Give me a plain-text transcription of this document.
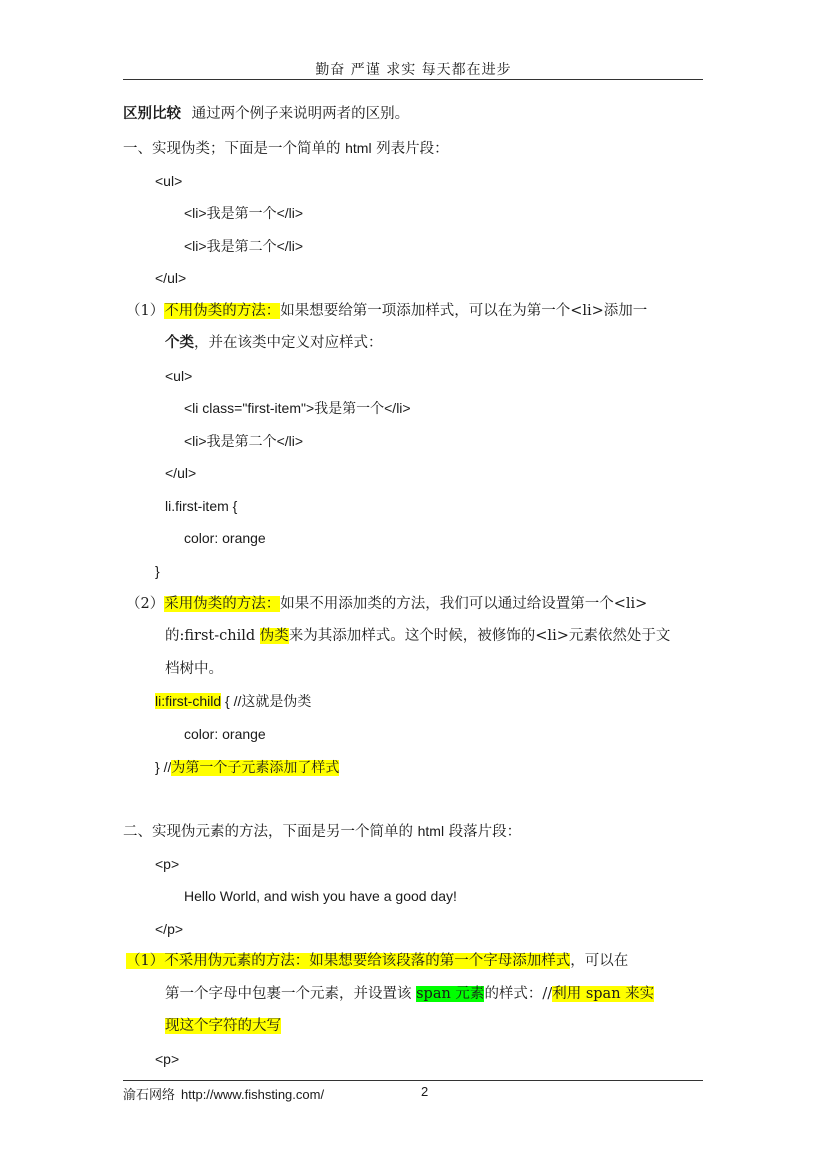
勤奋 严谨 求实 每天都在进步
区别比较 通过两个例子来说明两者的区别。
一、实现伪类；下面是一个简单的 html 列表片段：
<ul>
<li>我是第一个</li>
<li>我是第二个</li>
</ul>
（1）不用伪类的方法：如果想要给第一项添加样式，可以在为第一个<li>添加一
个类，并在该类中定义对应样式：
<ul>
<li class="first-item">我是第一个</li>
<li>我是第二个</li>
</ul>
li.first-item {
color: orange
}
（2）采用伪类的方法：如果不用添加类的方法，我们可以通过给设置第一个<li>
的:first-child 伪类来为其添加样式。这个时候，被修饰的<li>元素依然处于文
档树中。
li:first-child { //这就是伪类
color: orange
} //为第一个子元素添加了样式
二、实现伪元素的方法，下面是另一个简单的 html 段落片段：
<p>
Hello World, and wish you have a good day!
</p>
（1）不采用伪元素的方法：如果想要给该段落的第一个字母添加样式，可以在
第一个字母中包裹一个元素，并设置该 span 元素的样式：//利用 span 来实
现这个字符的大写
<p>
渝石网络 http://www.fishsting.com/	2
